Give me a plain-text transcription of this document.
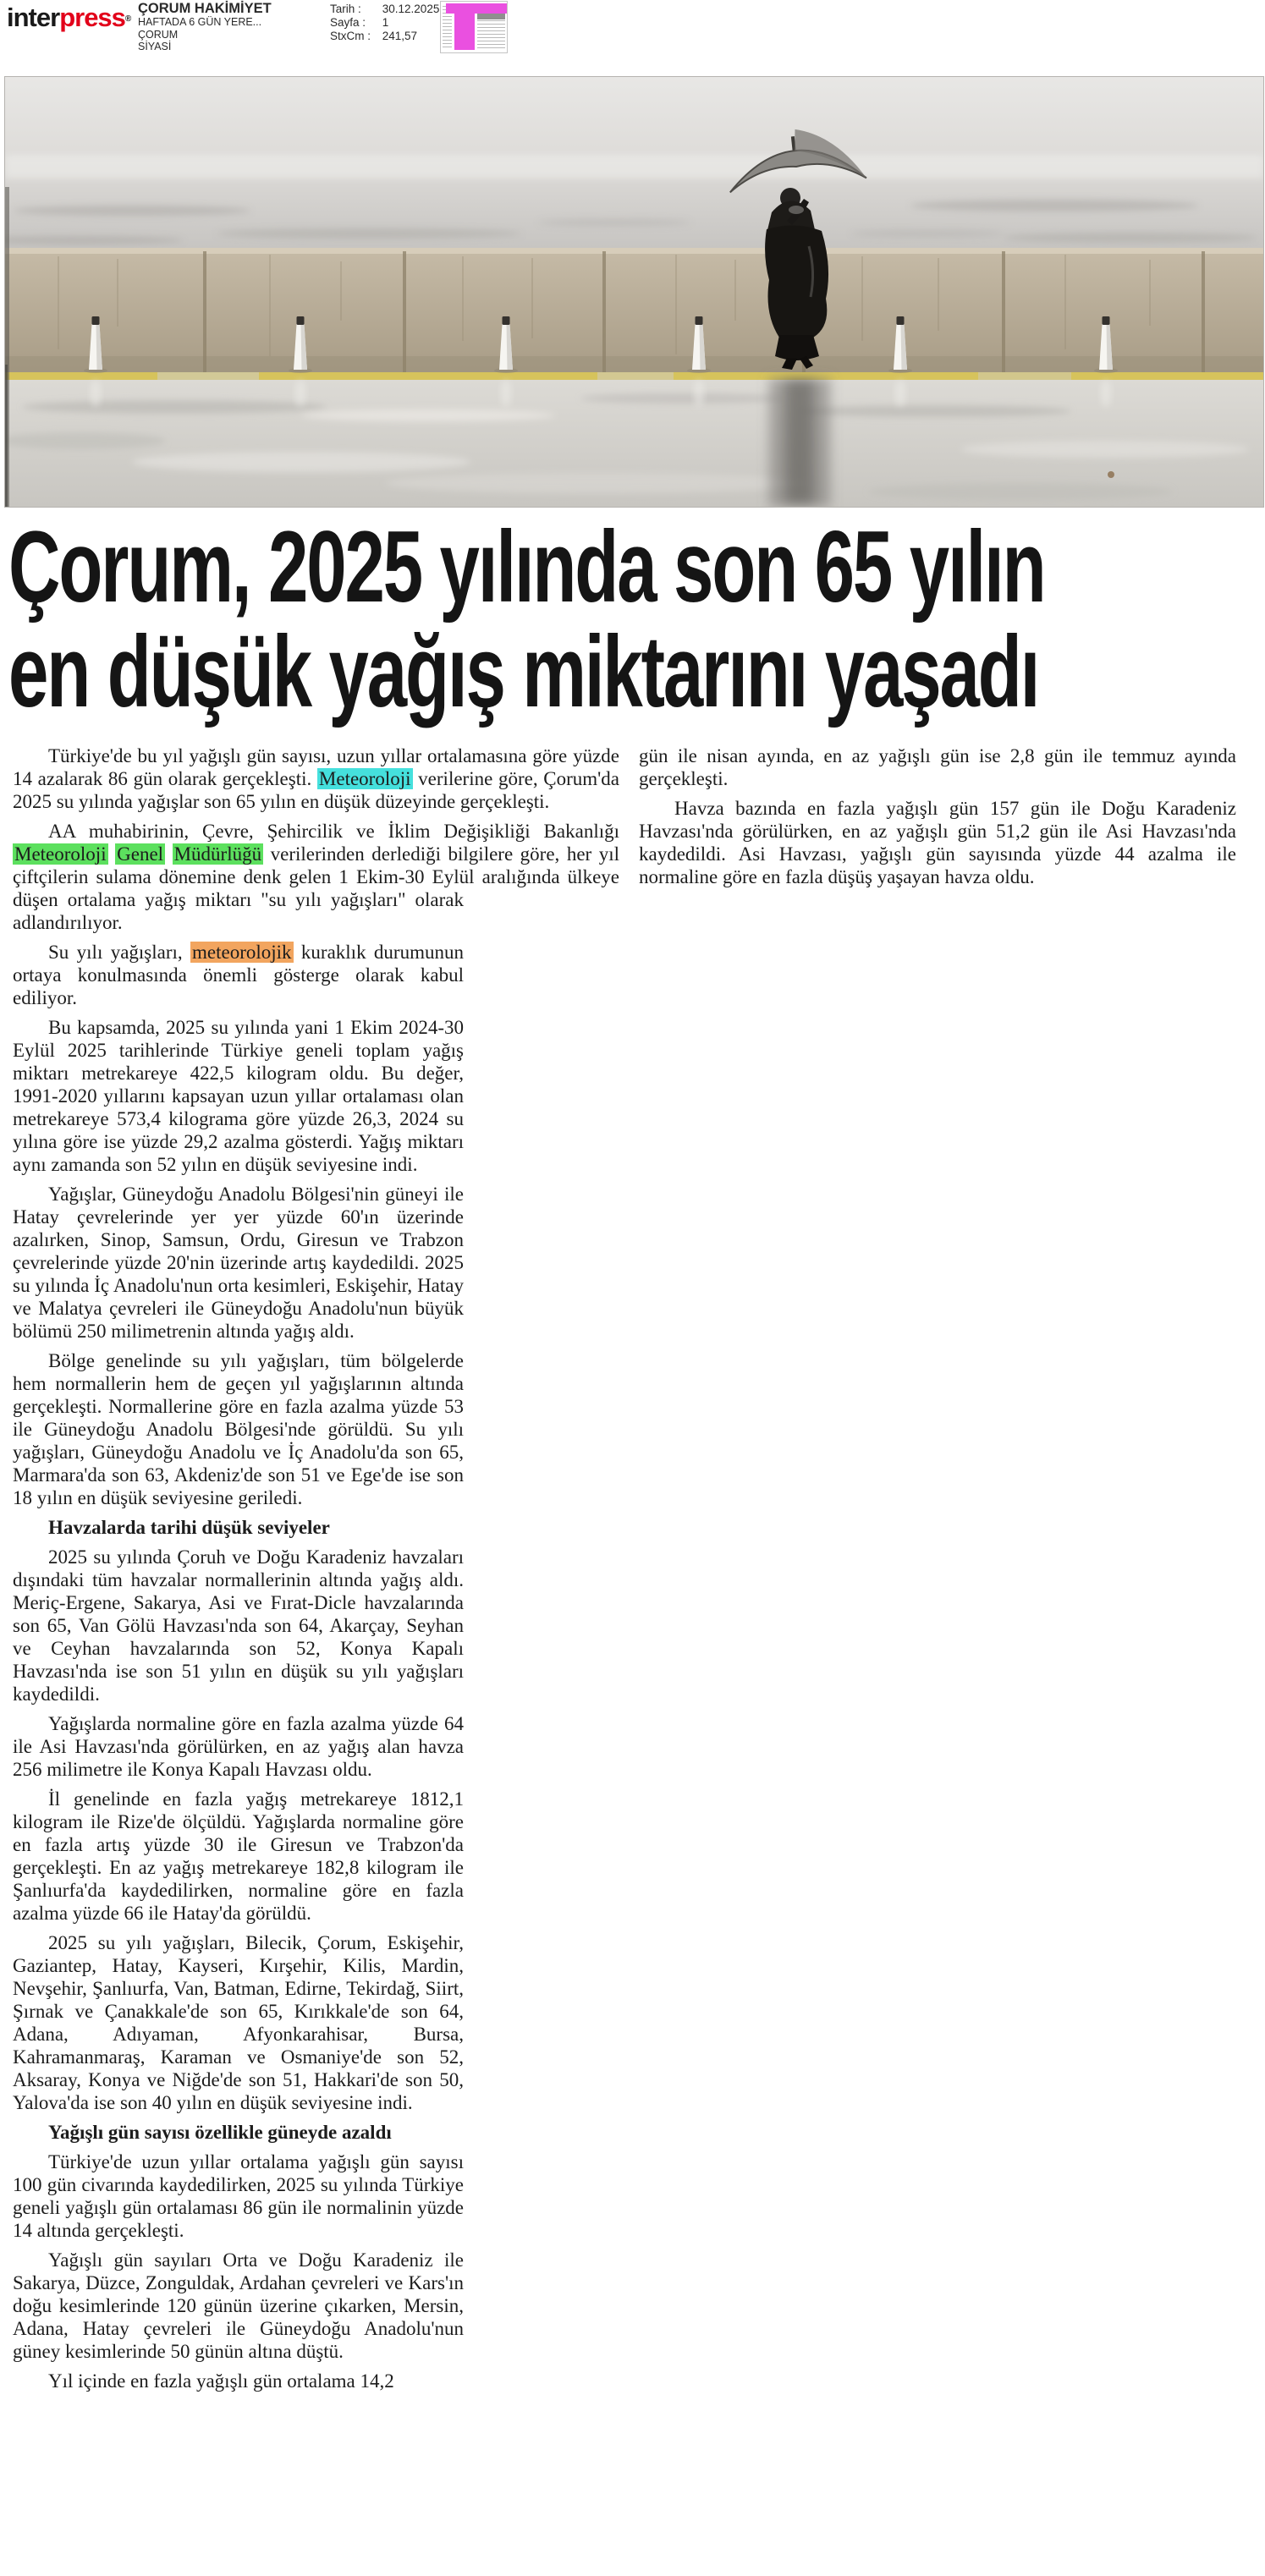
interpress®
ÇORUM HAKİMİYET
HAFTADA 6 GÜN YERE...
ÇORUM
SİYASİ
Tarih : 30.12.2025
Sayfa : 1
StxCm : 241,57
Çorum, 2025 yılında son 65 yılın
en düşük yağış miktarını yaşadı

Türkiye'de bu yıl yağışlı gün sayısı, uzun yıllar ortalamasına göre yüzde 14 azalarak 86 gün olarak gerçekleşti. Meteoroloji verilerine göre, Çorum'da 2025 su yılında yağışlar son 65 yılın en düşük düzeyinde gerçekleşti.

AA muhabirinin, Çevre, Şehircilik ve İklim Değişikliği Bakanlığı Meteoroloji Genel Müdürlüğü verilerinden derlediği bilgilere göre, her yıl çiftçilerin sulama dönemine denk gelen 1 Ekim-30 Eylül aralığında ülkeye düşen ortalama yağış miktarı "su yılı yağışları" olarak adlandırılıyor.

Su yılı yağışları, meteorolojik kuraklık durumunun ortaya konulmasında önemli gösterge olarak kabul ediliyor.

Bu kapsamda, 2025 su yılında yani 1 Ekim 2024-30 Eylül 2025 tarihlerinde Türkiye geneli toplam yağış miktarı metrekareye 422,5 kilogram oldu. Bu değer, 1991-2020 yıllarını kapsayan uzun yıllar ortalaması olan metrekareye 573,4 kilograma göre yüzde 26,3, 2024 su yılına göre ise yüzde 29,2 azalma gösterdi. Yağış miktarı aynı zamanda son 52 yılın en düşük seviyesine indi.

Yağışlar, Güneydoğu Anadolu Bölgesi'nin güneyi ile Hatay çevrelerinde yer yer yüzde 60'ın üzerinde azalırken, Sinop, Samsun, Ordu, Giresun ve Trabzon çevrelerinde yüzde 20'nin üzerinde artış kaydedildi. 2025 su yılında İç Anadolu'nun orta kesimleri, Eskişehir, Hatay ve Malatya çevreleri ile Güneydoğu Anadolu'nun büyük bölümü 250 milimetrenin altında yağış aldı.

Bölge genelinde su yılı yağışları, tüm bölgelerde hem normallerin hem de geçen yıl yağışlarının altında gerçekleşti. Normallerine göre en fazla azalma yüzde 53 ile Güneydoğu Anadolu Bölgesi'nde görüldü. Su yılı yağışları, Güneydoğu Anadolu ve İç Anadolu'da son 65, Marmara'da son 63, Akdeniz'de son 51 ve Ege'de ise son 18 yılın en düşük seviyesine geriledi.

Havzalarda tarihi düşük seviyeler

2025 su yılında Çoruh ve Doğu Karadeniz havzaları dışındaki tüm havzalar normallerinin altında yağış aldı. Meriç-Ergene, Sakarya, Asi ve Fırat-Dicle havzalarında son 65, Van Gölü Havzası'nda son 64, Akarçay, Seyhan ve Ceyhan havzalarında son 52, Konya Kapalı Havzası'nda ise son 51 yılın en düşük su yılı yağışları kaydedildi.

Yağışlarda normaline göre en fazla azalma yüzde 64 ile Asi Havzası'nda görülürken, en az yağış alan havza 256 milimetre ile Konya Kapalı Havzası oldu.

İl genelinde en fazla yağış metrekareye 1812,1 kilogram ile Rize'de ölçüldü. Yağışlarda normaline göre en fazla artış yüzde 30 ile Giresun ve Trabzon'da gerçekleşti. En az yağış metrekareye 182,8 kilogram ile Şanlıurfa'da kaydedilirken, normaline göre en fazla azalma yüzde 66 ile Hatay'da görüldü.

2025 su yılı yağışları, Bilecik, Çorum, Eskişehir, Gaziantep, Hatay, Kayseri, Kırşehir, Kilis, Mardin, Nevşehir, Şanlıurfa, Van, Batman, Edirne, Tekirdağ, Siirt, Şırnak ve Çanakkale'de son 65, Kırıkkale'de son 64, Adana, Adıyaman, Afyonkarahisar, Bursa, Kahramanmaraş, Karaman ve Osmaniye'de son 52, Aksaray, Konya ve Niğde'de son 51, Hakkari'de son 50, Yalova'da ise son 40 yılın en düşük seviyesine indi.

Yağışlı gün sayısı özellikle güneyde azaldı

Türkiye'de uzun yıllar ortalama yağışlı gün sayısı 100 gün civarında kaydedilirken, 2025 su yılında Türkiye geneli yağışlı gün ortalaması 86 gün ile normalinin yüzde 14 altında gerçekleşti.

Yağışlı gün sayıları Orta ve Doğu Karadeniz ile Sakarya, Düzce, Zonguldak, Ardahan çevreleri ve Kars'ın doğu kesimlerinde 120 günün üzerine çıkarken, Mersin, Adana, Hatay çevreleri ile Güneydoğu Anadolu'nun güney kesimlerinde 50 günün altına düştü.

Yıl içinde en fazla yağışlı gün ortalama 14,2

gün ile nisan ayında, en az yağışlı gün ise 2,8 gün ile temmuz ayında gerçekleşti.

Havza bazında en fazla yağışlı gün 157 gün ile Doğu Karadeniz Havzası'nda görülürken, en az yağışlı gün 51,2 gün ile Asi Havzası'nda kaydedildi. Asi Havzası, yağışlı gün sayısında yüzde 44 azalma ile normaline göre en fazla düşüş yaşayan havza oldu.
